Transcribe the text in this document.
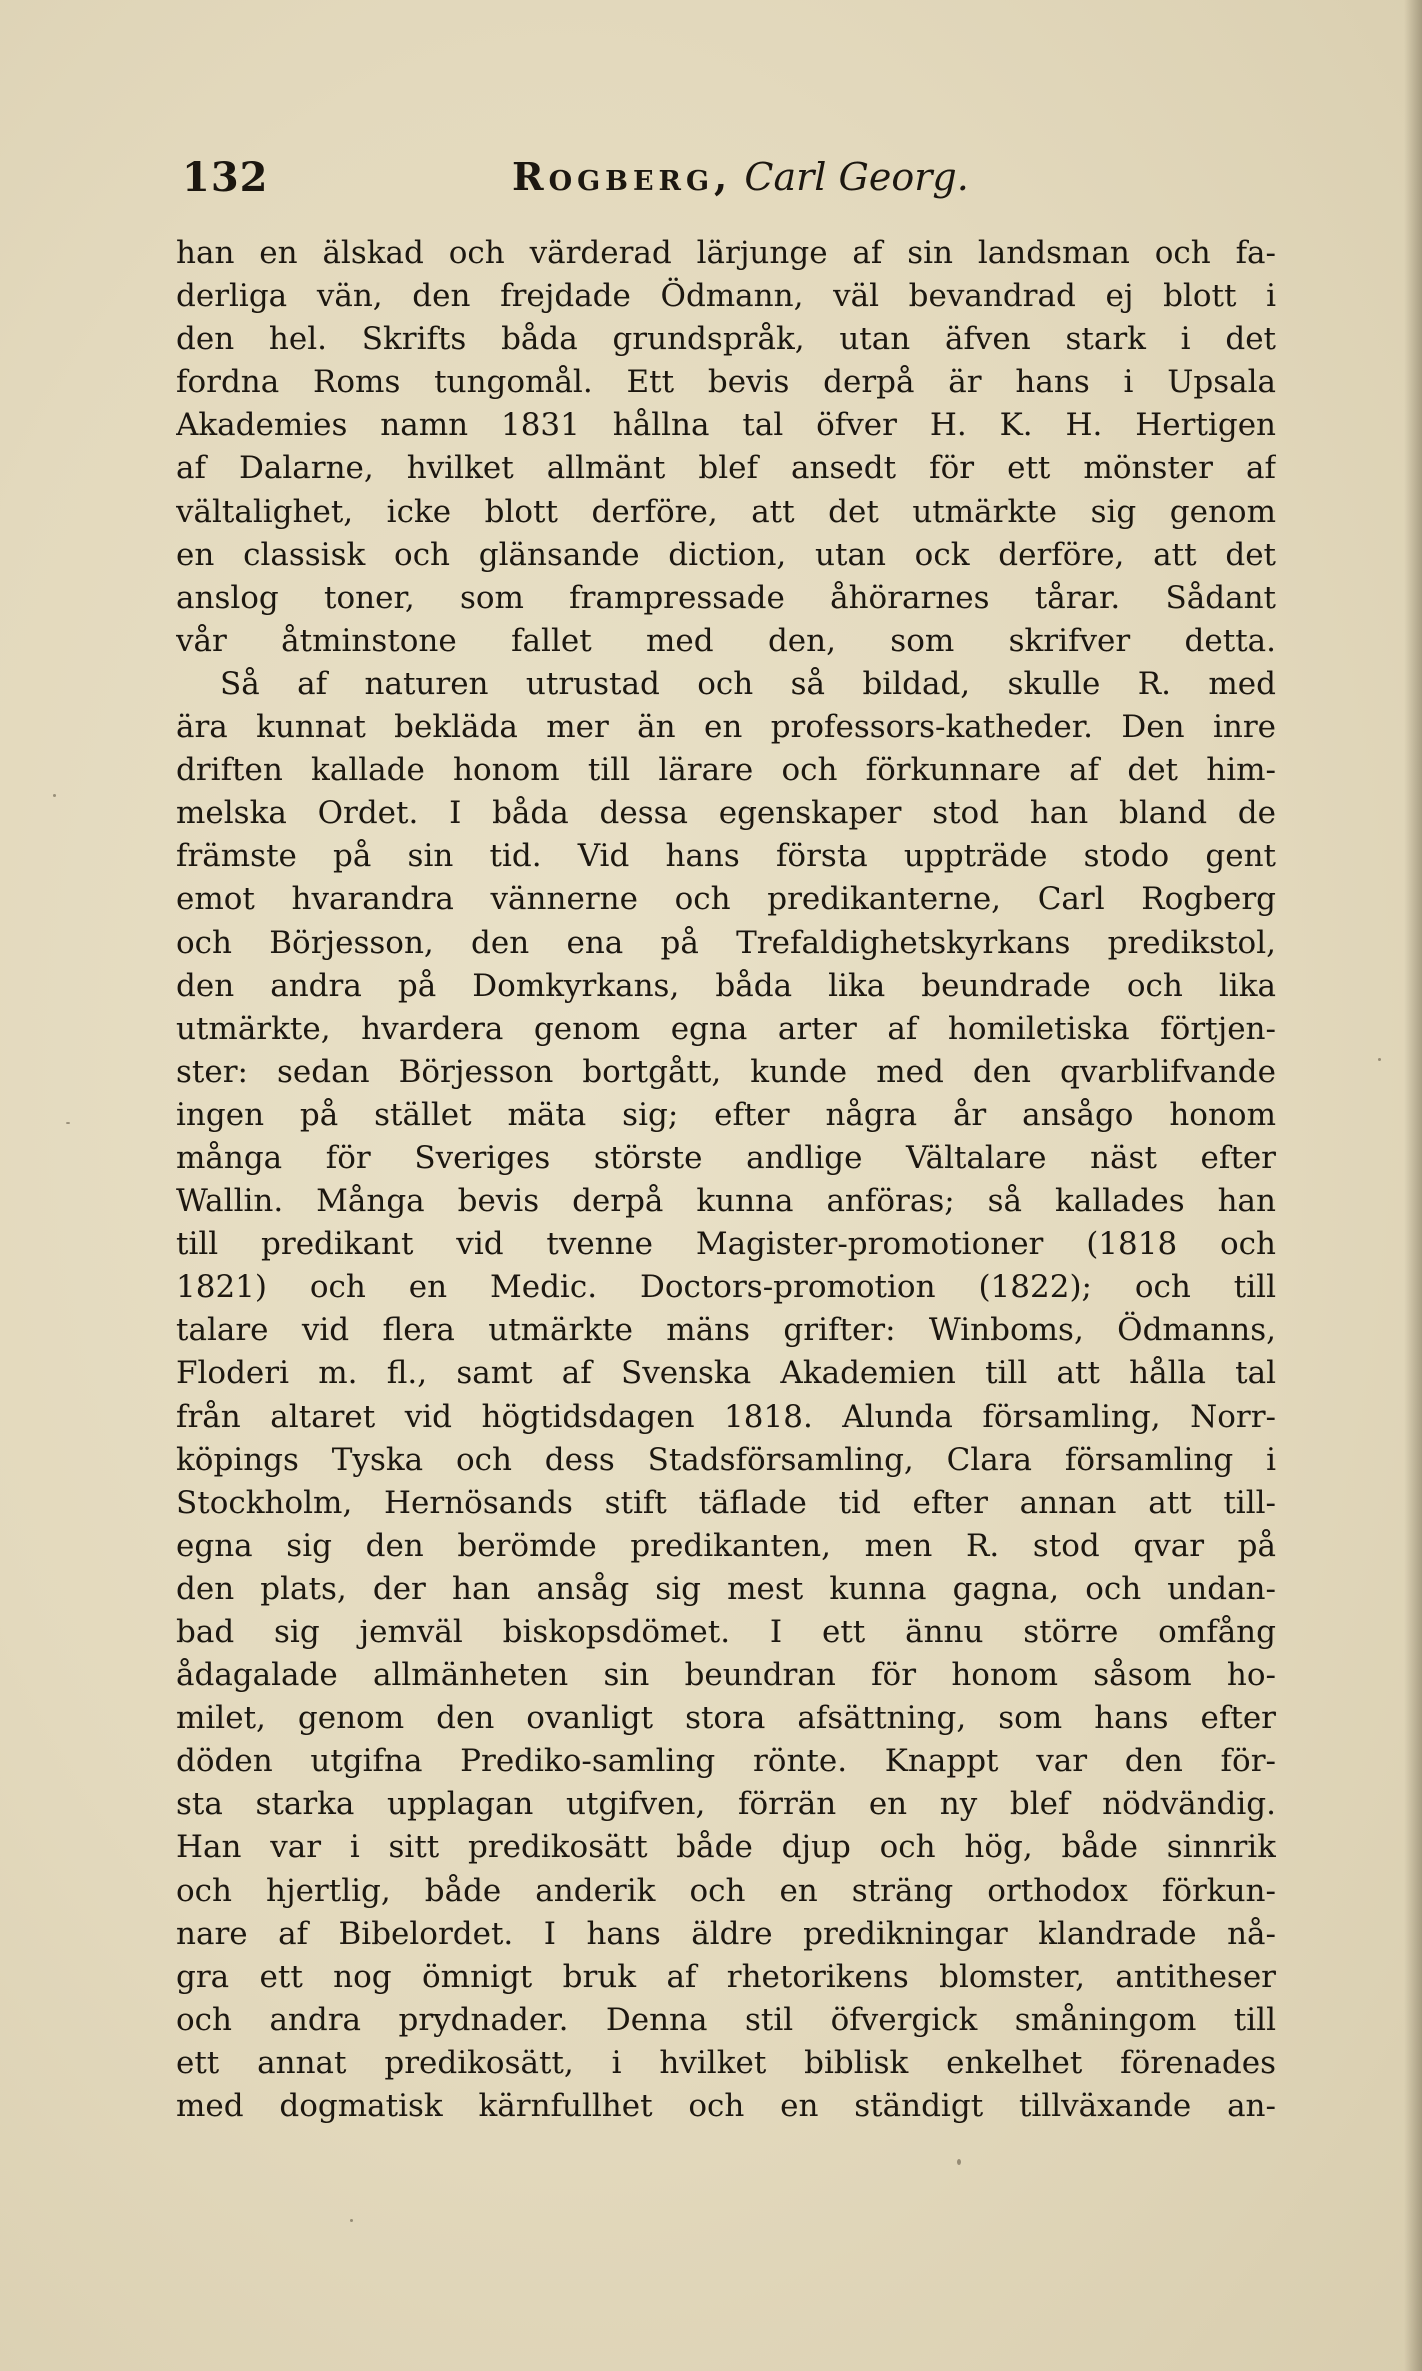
132	Rogberg, Carl Georg.
han en älskad och värderad lärjunge af sin landsman och fa-
derliga vän, den frejdade Ödmann, väl bevandrad ej blott i
den hel. Skrifts båda grundspråk, utan äfven stark i det
fordna Roms tungomål. Ett bevis derpå är hans i Upsala
Akademies namn 1831 hållna tal öfver H. K. H. Hertigen
af Dalarne, hvilket allmänt blef ansedt för ett mönster af
vältalighet, icke blott derföre, att det utmärkte sig genom
en classisk och glänsande diction, utan ock derföre, att det
anslog toner, som frampressade åhörarnes tårar. Sådant
vår åtminstone fallet med den, som skrifver detta.
Så af naturen utrustad och så bildad, skulle R. med
ära kunnat bekläda mer än en professors-katheder. Den inre
driften kallade honom till lärare och förkunnare af det him-
melska Ordet. I båda dessa egenskaper stod han bland de
främste på sin tid. Vid hans första uppträde stodo gent
emot hvarandra vännerne och predikanterne, Carl Rogberg
och Börjesson, den ena på Trefaldighetskyrkans predikstol,
den andra på Domkyrkans, båda lika beundrade och lika
utmärkte, hvardera genom egna arter af homiletiska förtjen-
ster: sedan Börjesson bortgått, kunde med den qvarblifvande
ingen på stället mäta sig; efter några år ansågo honom
många för Sveriges störste andlige Vältalare näst efter
Wallin. Många bevis derpå kunna anföras; så kallades han
till predikant vid tvenne Magister-promotioner (1818 och
1821) och en Medic. Doctors-promotion (1822); och till
talare vid flera utmärkte mäns grifter: Winboms, Ödmanns,
Floderi m. fl., samt af Svenska Akademien till att hålla tal
från altaret vid högtidsdagen 1818. Alunda församling, Norr-
köpings Tyska och dess Stadsförsamling, Clara församling i
Stockholm, Hernösands stift täflade tid efter annan att till-
egna sig den berömde predikanten, men R. stod qvar på
den plats, der han ansåg sig mest kunna gagna, och undan-
bad sig jemväl biskopsdömet. I ett ännu större omfång
ådagalade allmänheten sin beundran för honom såsom ho-
milet, genom den ovanligt stora afsättning, som hans efter
döden utgifna Prediko-samling rönte. Knappt var den för-
sta starka upplagan utgifven, förrän en ny blef nödvändig.
Han var i sitt predikosätt både djup och hög, både sinnrik
och hjertlig, både anderik och en sträng orthodox förkun-
nare af Bibelordet. I hans äldre predikningar klandrade nå-
gra ett nog ömnigt bruk af rhetorikens blomster, antitheser
och andra prydnader. Denna stil öfvergick småningom till
ett annat predikosätt, i hvilket biblisk enkelhet förenades
med dogmatisk kärnfullhet och en ständigt tillväxande an-
